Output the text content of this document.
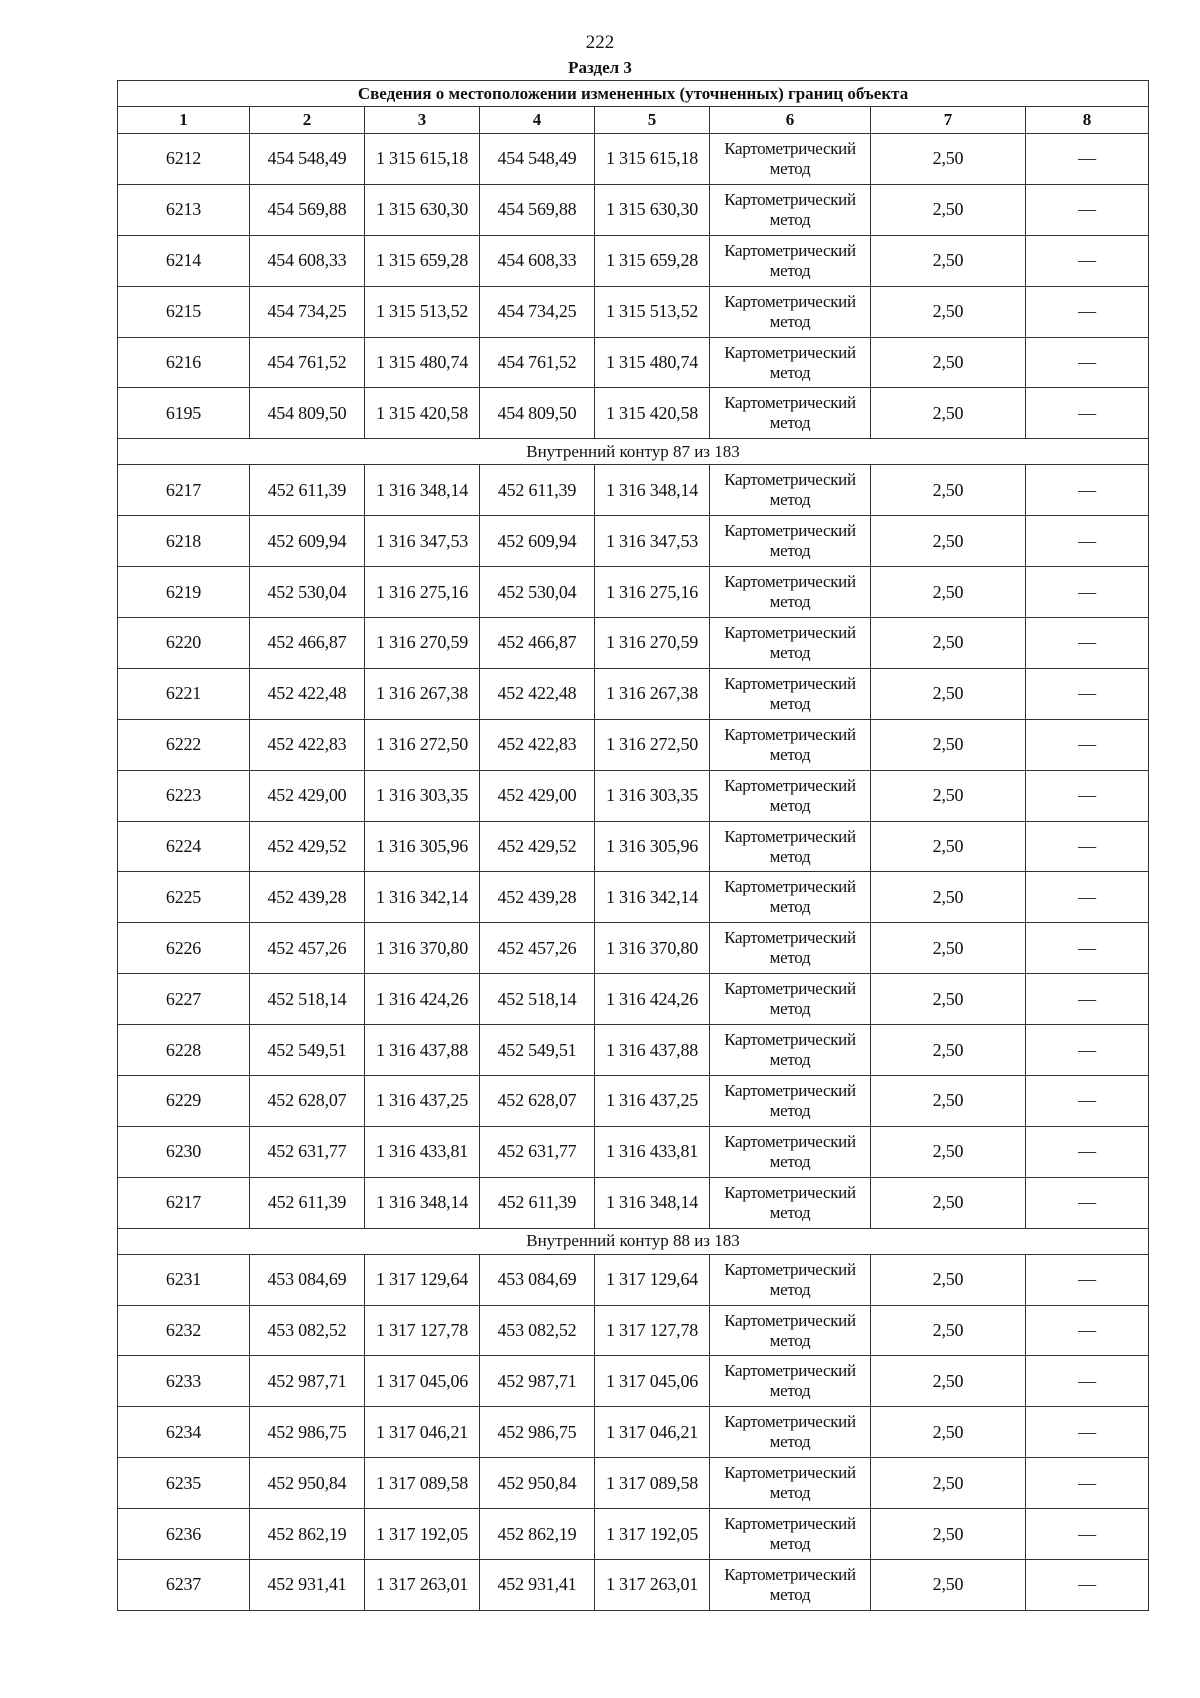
222
Раздел 3
Сведения о местоположении измененных (уточненных) границ объекта							
1	2	3	4	5	6	7	8
6212	454 548,49	1 315 615,18	454 548,49	1 315 615,18	Картометрический метод	2,50	—
6213	454 569,88	1 315 630,30	454 569,88	1 315 630,30	Картометрический метод	2,50	—
6214	454 608,33	1 315 659,28	454 608,33	1 315 659,28	Картометрический метод	2,50	—
6215	454 734,25	1 315 513,52	454 734,25	1 315 513,52	Картометрический метод	2,50	—
6216	454 761,52	1 315 480,74	454 761,52	1 315 480,74	Картометрический метод	2,50	—
6195	454 809,50	1 315 420,58	454 809,50	1 315 420,58	Картометрический метод	2,50	—
Внутренний контур 87 из 183							
6217	452 611,39	1 316 348,14	452 611,39	1 316 348,14	Картометрический метод	2,50	—
6218	452 609,94	1 316 347,53	452 609,94	1 316 347,53	Картометрический метод	2,50	—
6219	452 530,04	1 316 275,16	452 530,04	1 316 275,16	Картометрический метод	2,50	—
6220	452 466,87	1 316 270,59	452 466,87	1 316 270,59	Картометрический метод	2,50	—
6221	452 422,48	1 316 267,38	452 422,48	1 316 267,38	Картометрический метод	2,50	—
6222	452 422,83	1 316 272,50	452 422,83	1 316 272,50	Картометрический метод	2,50	—
6223	452 429,00	1 316 303,35	452 429,00	1 316 303,35	Картометрический метод	2,50	—
6224	452 429,52	1 316 305,96	452 429,52	1 316 305,96	Картометрический метод	2,50	—
6225	452 439,28	1 316 342,14	452 439,28	1 316 342,14	Картометрический метод	2,50	—
6226	452 457,26	1 316 370,80	452 457,26	1 316 370,80	Картометрический метод	2,50	—
6227	452 518,14	1 316 424,26	452 518,14	1 316 424,26	Картометрический метод	2,50	—
6228	452 549,51	1 316 437,88	452 549,51	1 316 437,88	Картометрический метод	2,50	—
6229	452 628,07	1 316 437,25	452 628,07	1 316 437,25	Картометрический метод	2,50	—
6230	452 631,77	1 316 433,81	452 631,77	1 316 433,81	Картометрический метод	2,50	—
6217	452 611,39	1 316 348,14	452 611,39	1 316 348,14	Картометрический метод	2,50	—
Внутренний контур 88 из 183							
6231	453 084,69	1 317 129,64	453 084,69	1 317 129,64	Картометрический метод	2,50	—
6232	453 082,52	1 317 127,78	453 082,52	1 317 127,78	Картометрический метод	2,50	—
6233	452 987,71	1 317 045,06	452 987,71	1 317 045,06	Картометрический метод	2,50	—
6234	452 986,75	1 317 046,21	452 986,75	1 317 046,21	Картометрический метод	2,50	—
6235	452 950,84	1 317 089,58	452 950,84	1 317 089,58	Картометрический метод	2,50	—
6236	452 862,19	1 317 192,05	452 862,19	1 317 192,05	Картометрический метод	2,50	—
6237	452 931,41	1 317 263,01	452 931,41	1 317 263,01	Картометрический метод	2,50	—
